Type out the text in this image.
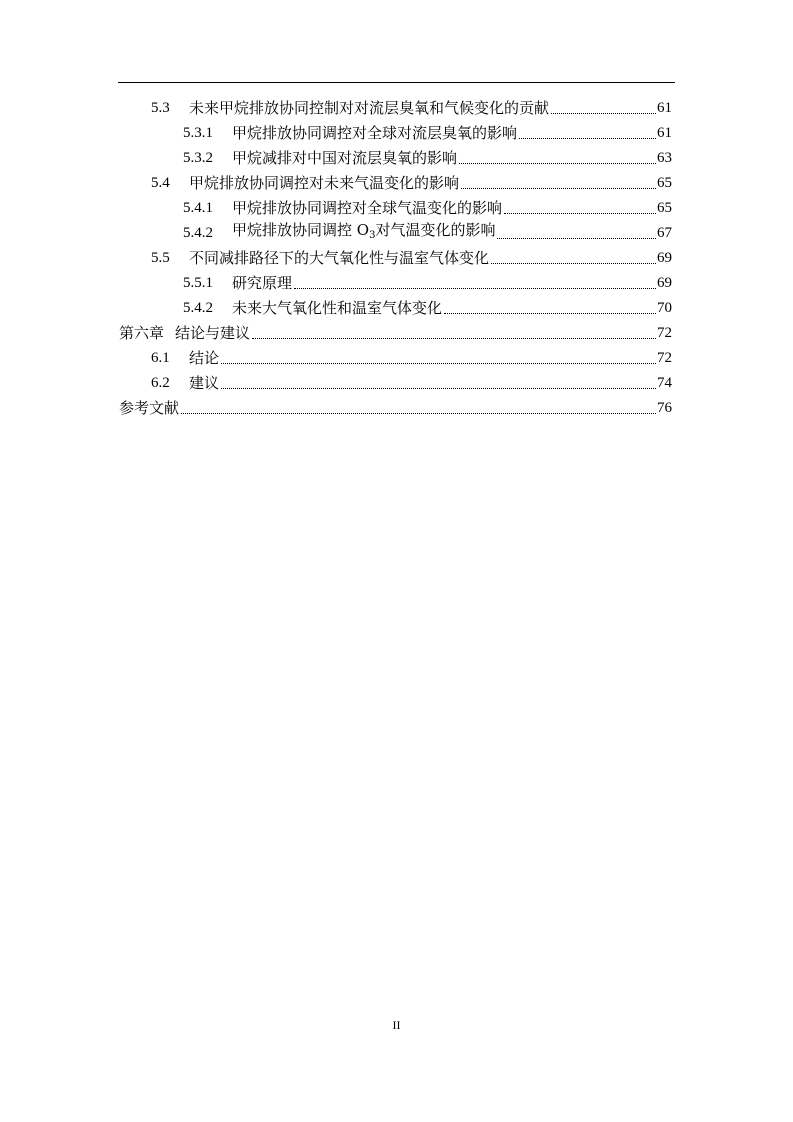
5.3	未来甲烷排放协同控制对对流层臭氧和气候变化的贡献	61
5.3.1	甲烷排放协同调控对全球对流层臭氧的影响	61
5.3.2	甲烷减排对中国对流层臭氧的影响	63
5.4	甲烷排放协同调控对未来气温变化的影响	65
5.4.1	甲烷排放协同调控对全球气温变化的影响	65
5.4.2	甲烷排放协同调控 $O_3$对气温变化的影响	67
5.5	不同减排路径下的大气氧化性与温室气体变化	69
5.5.1	研究原理	69
5.4.2	未来大气氧化性和温室气体变化	70
第六章 结论与建议	72
6.1	结论	72
6.2	建议	74
参考文献	76
II
